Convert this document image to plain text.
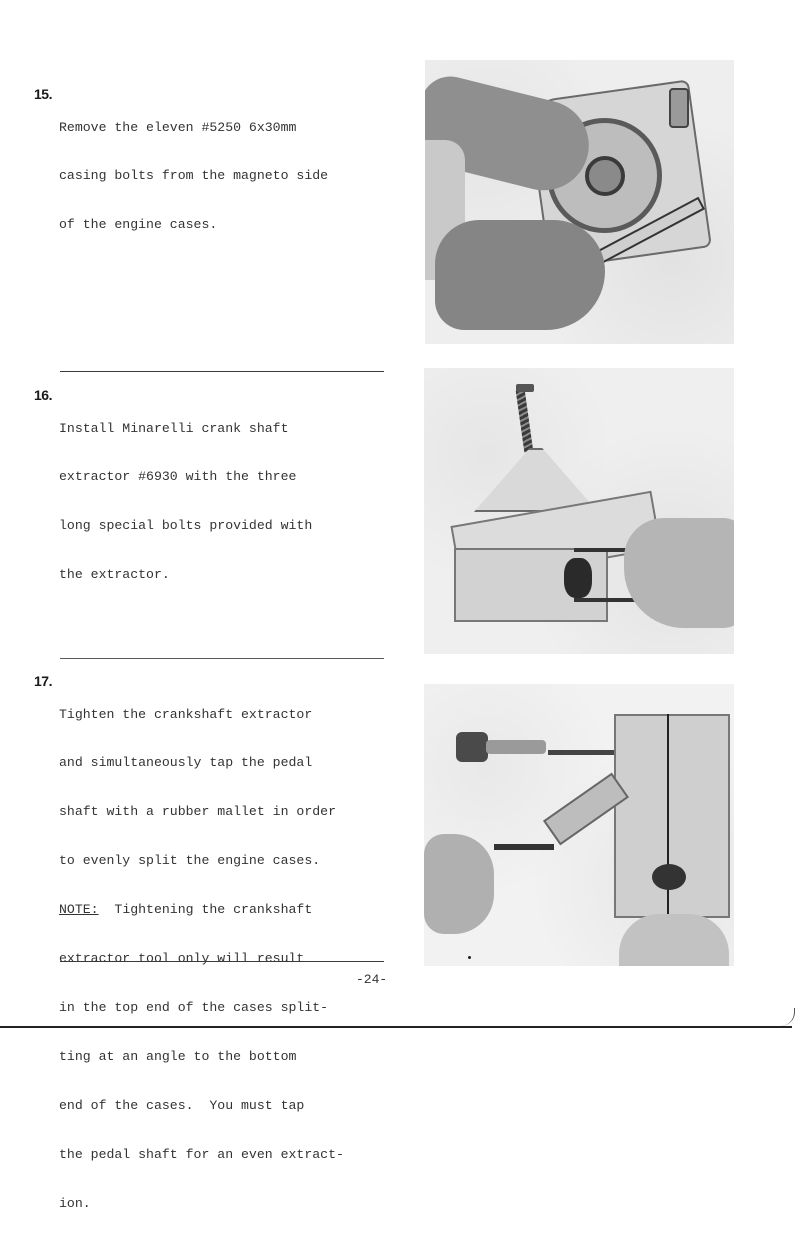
15.

Remove the eleven #5250 6x30mm

casing bolts from the magneto side

of the engine cases.

16.

Install Minarelli crank shaft

extractor #6930 with the three

long special bolts provided with

the extractor.

17.

Tighten the crankshaft extractor

and simultaneously tap the pedal

shaft with a rubber mallet in order

to evenly split the engine cases.

NOTE:  Tightening the crankshaft

extractor tool only will result

in the top end of the cases split-

ting at an angle to the bottom

end of the cases.  You must tap

the pedal shaft for an even extract-

ion.

-24-
